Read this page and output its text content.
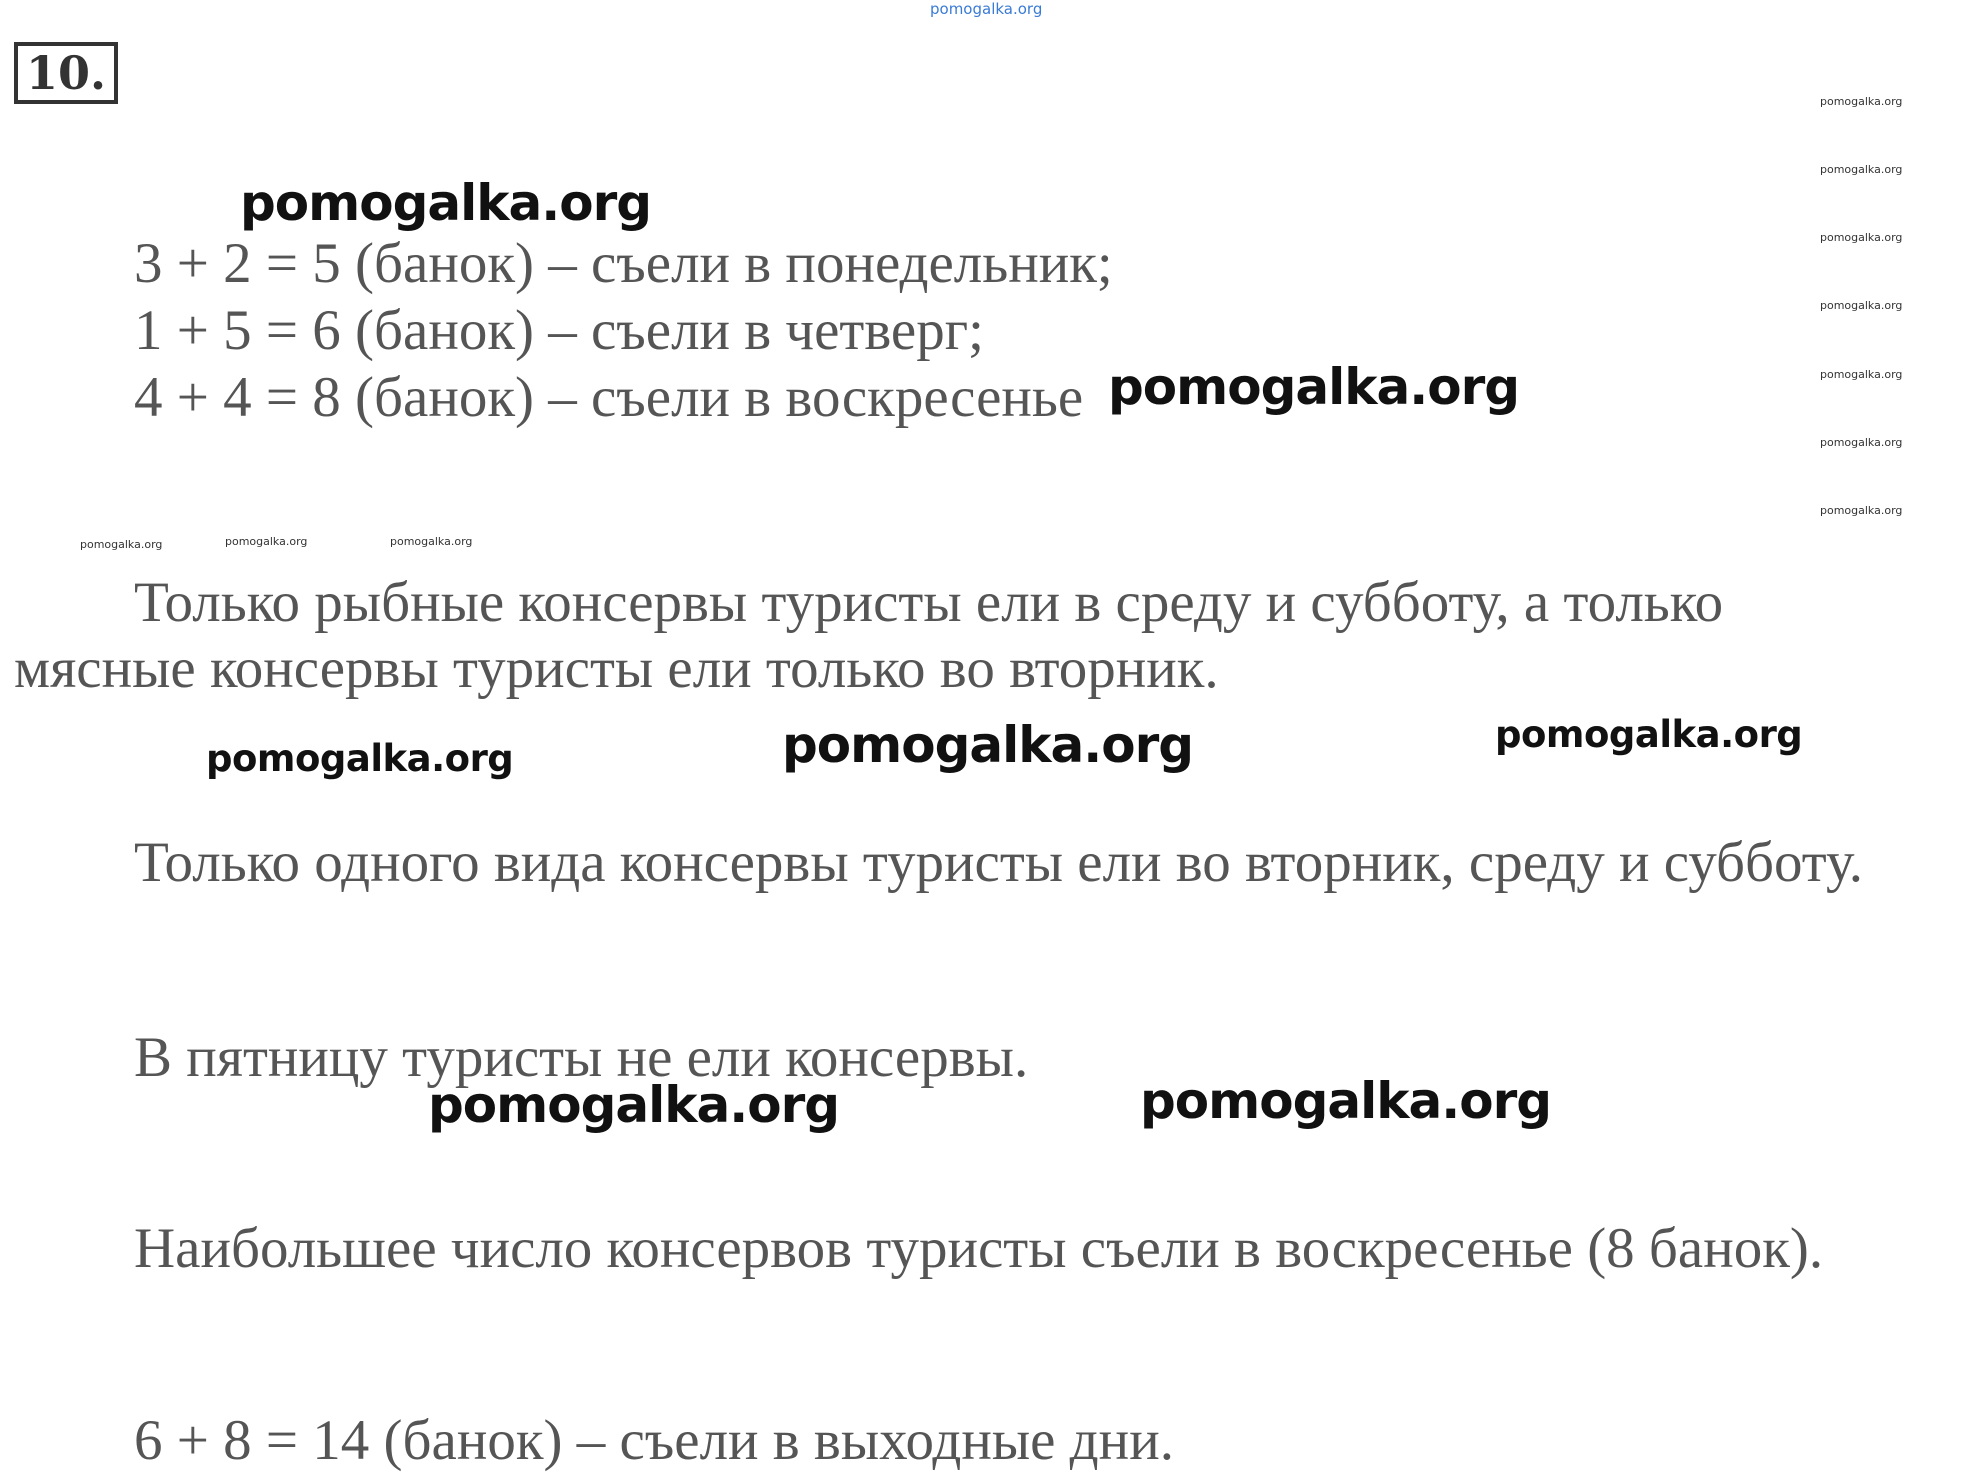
10.
3 + 2 = 5 (банок) – съели в понедельник;
1 + 5 = 6 (банок) – съели в четверг;
4 + 4 = 8 (банок) – съели в воскресенье
Только рыбные консервы туристы ели в среду и субботу, а только
мясные консервы туристы ели только во вторник.
Только одного вида консервы туристы ели во вторник, среду и субботу.
В пятницу туристы не ели консервы.
Наибольшее число консервов туристы съели в воскресенье (8 банок).
6 + 8 = 14 (банок) – съели в выходные дни.
pomogalka.org
pomogalka.org
pomogalka.org
pomogalka.org
pomogalka.org
pomogalka.org
pomogalka.org	pomogalka.org
pomogalka.org
pomogalka.org
pomogalka.org
pomogalka.org
pomogalka.org
pomogalka.org
pomogalka.org
pomogalka.org	pomogalka.org	pomogalka.org
